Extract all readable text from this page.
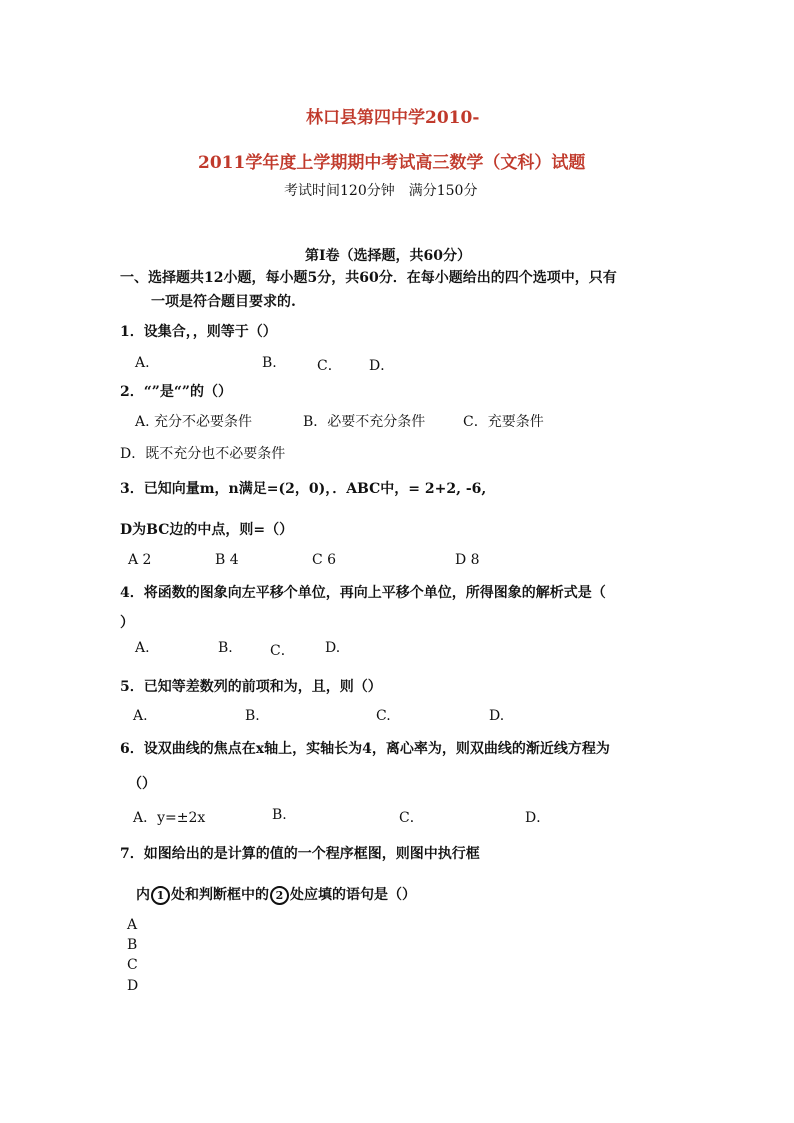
林口县第四中学2010-
2011学年度上学期期中考试高三数学（文科）试题
考试时间120分钟　满分150分
第I卷（选择题，共60分）
一、选择题共12小题，每小题5分，共60分．在每小题给出的四个选项中，只有
一项是符合题目要求的.
1．设集合，，则等于（）
A.	B.	C． D．
2．“”是“”的（）
A. 充分不必要条件	B．必要不充分条件	C．充要条件
D．既不充分也不必要条件
3．已知向量m，n满足=(2，0)，．ABC中，= 2+2, -6,
D为BC边的中点，则=（）
A 2	B 4	C 6	D 8
4．将函数的图象向左平移个单位，再向上平移个单位，所得图象的解析式是（
）
A.	B.	C． D.
5．已知等差数列的前项和为，且，则（）
A.	B.	C.	D.
6．设双曲线的焦点在x轴上，实轴长为4，离心率为，则双曲线的渐近线方程为
（）
A．y=±2x	B.	C．	D．
7．如图给出的是计算的值的一个程序框图，则图中执行框
内 1 处和判断框中的 2 处应填的语句是（）
A
B
C
D
